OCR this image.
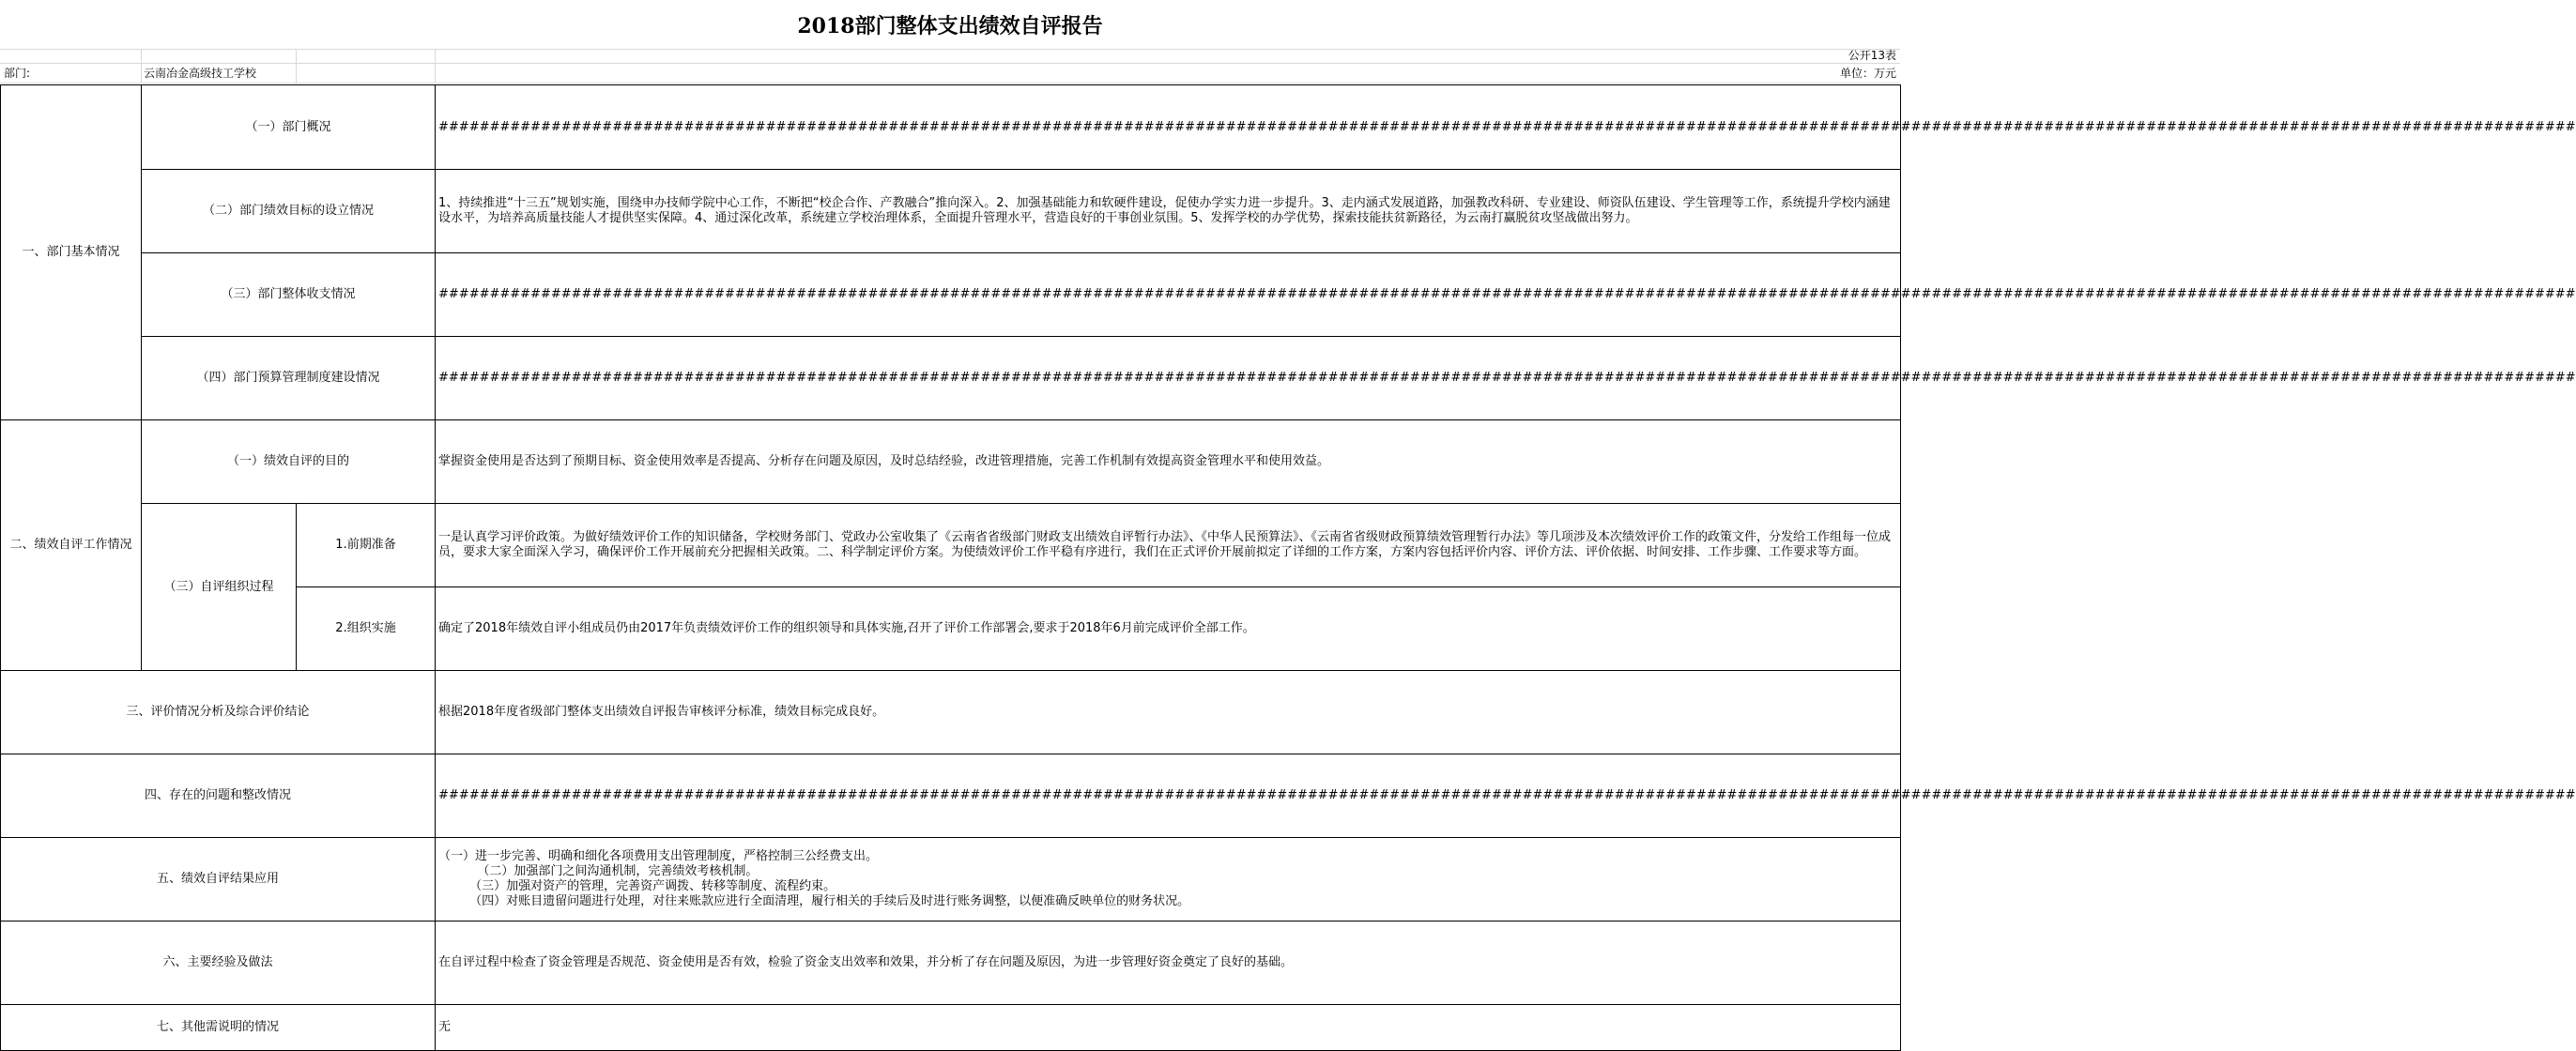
2018部门整体支出绩效自评报告
公开13表
部门:	云南冶金高级技工学校	单位：万元
一、部门基本情况	（一）部门概况		#################################################################################################################################################################################################################

	（二）部门绩效目标的设立情况		1、持续推进“十三五”规划实施，围绕申办技师学院中心工作，不断把“校企合作、产教融合”推向深入。2、加强基础能力和软硬件建设，促使办学实力进一步提升。3、走内涵式发展道路，加强教改科研、专业建设、师资队伍建设、学生管理等工作，系统提升学校内涵建设水平，为培养高质量技能人才提供坚实保障。4、通过深化改革，系统建立学校治理体系，全面提升管理水平，营造良好的干事创业氛围。5、发挥学校的办学优势，探索技能扶贫新路径，为云南打赢脱贫攻坚战做出努力。
	（三）部门整体收支情况		#################################################################################################################################################################################################################

	（四）部门预算管理制度建设情况		#################################################################################################################################################################################################################

二、绩效自评工作情况	（一）绩效自评的目的		掌握资金使用是否达到了预期目标、资金使用效率是否提高、分析存在问题及原因，及时总结经验，改进管理措施，完善工作机制有效提高资金管理水平和使用效益。
	（三）自评组织过程	1.前期准备	一是认真学习评价政策。为做好绩效评价工作的知识储备，学校财务部门、党政办公室收集了《云南省省级部门财政支出绩效自评暂行办法》、《中华人民预算法》、《云南省省级财政预算绩效管理暂行办法》等几项涉及本次绩效评价工作的政策文件，分发给工作组每一位成员，要求大家全面深入学习，确保评价工作开展前充分把握相关政策。二、科学制定评价方案。为使绩效评价工作平稳有序进行，我们在正式评价开展前拟定了详细的工作方案，方案内容包括评价内容、评价方法、评价依据、时间安排、工作步骤、工作要求等方面。
		2.组织实施	确定了2018年绩效自评小组成员仍由2017年负责绩效评价工作的组织领导和具体实施,召开了评价工作部署会,要求于2018年6月前完成评价全部工作。
三、评价情况分析及综合评价结论			根据2018年度省级部门整体支出绩效自评报告审核评分标准，绩效目标完成良好。
四、存在的问题和整改情况			#################################################################################################################################################################################################################

五、绩效自评结果应用			（一）进一步完善、明确和细化各项费用支出管理制度，严格控制三公经费支出。
（二）加强部门之间沟通机制，完善绩效考核机制。
（三）加强对资产的管理，完善资产调拨、转移等制度、流程约束。
（四）对账目遗留问题进行处理，对往来账款应进行全面清理，履行相关的手续后及时进行账务调整，以便准确反映单位的财务状况。

六、主要经验及做法			在自评过程中检查了资金管理是否规范、资金使用是否有效，检验了资金支出效率和效果，并分析了存在问题及原因，为进一步管理好资金奠定了良好的基础。
七、其他需说明的情况			无
